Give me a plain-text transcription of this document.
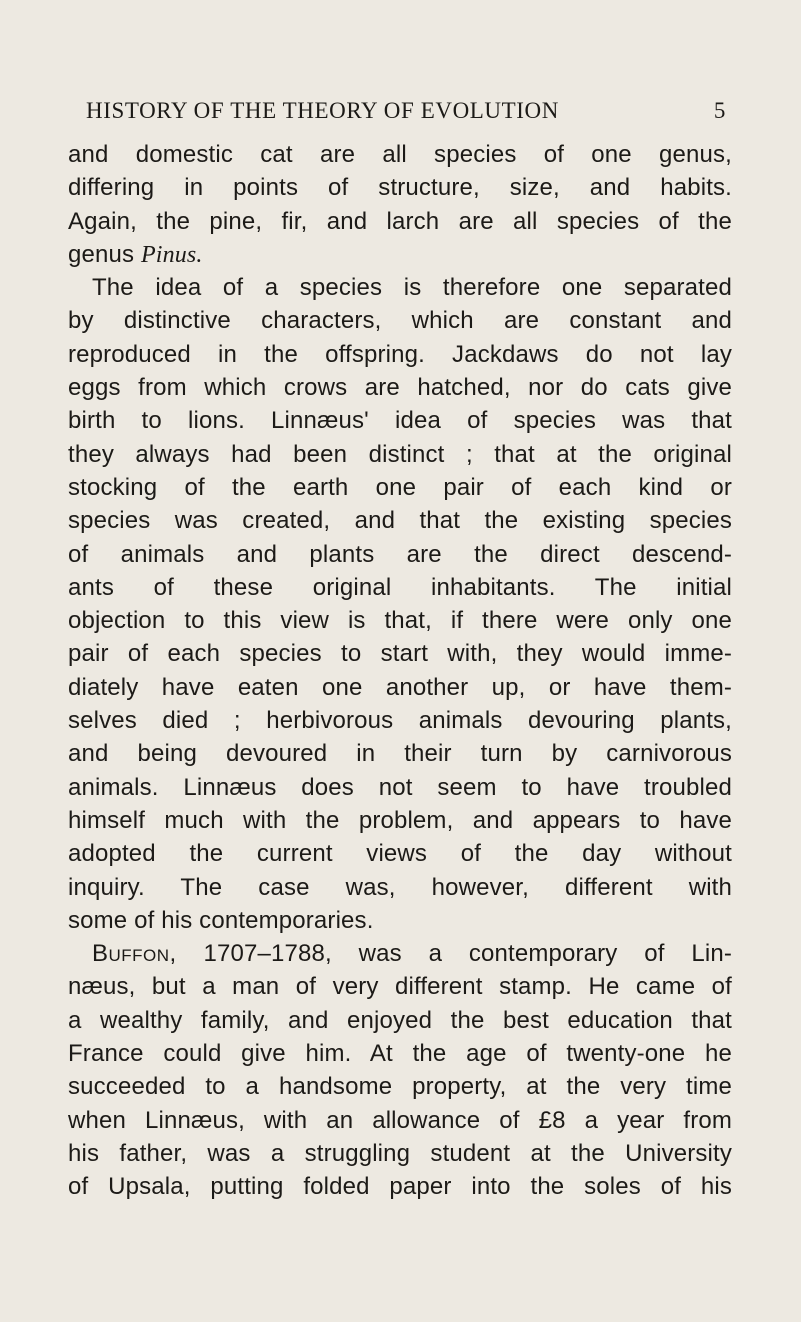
HISTORY OF THE THEORY OF EVOLUTION	5
and domestic cat are all species of one genus,
differing in points of structure, size, and habits.
Again, the pine, fir, and larch are all species of the
genus Pinus.
The idea of a species is therefore one separated
by distinctive characters, which are constant and
reproduced in the offspring. Jackdaws do not lay
eggs from which crows are hatched, nor do cats give
birth to lions. Linnæus' idea of species was that
they always had been distinct ; that at the original
stocking of the earth one pair of each kind or
species was created, and that the existing species
of animals and plants are the direct descend-
ants of these original inhabitants. The initial
objection to this view is that, if there were only one
pair of each species to start with, they would imme-
diately have eaten one another up, or have them-
selves died ; herbivorous animals devouring plants,
and being devoured in their turn by carnivorous
animals. Linnæus does not seem to have troubled
himself much with the problem, and appears to have
adopted the current views of the day without
inquiry. The case was, however, different with
some of his contemporaries.
Buffon, 1707–1788, was a contemporary of Lin-
næus, but a man of very different stamp. He came of
a wealthy family, and enjoyed the best education that
France could give him. At the age of twenty-one he
succeeded to a handsome property, at the very time
when Linnæus, with an allowance of £8 a year from
his father, was a struggling student at the University
of Upsala, putting folded paper into the soles of his
